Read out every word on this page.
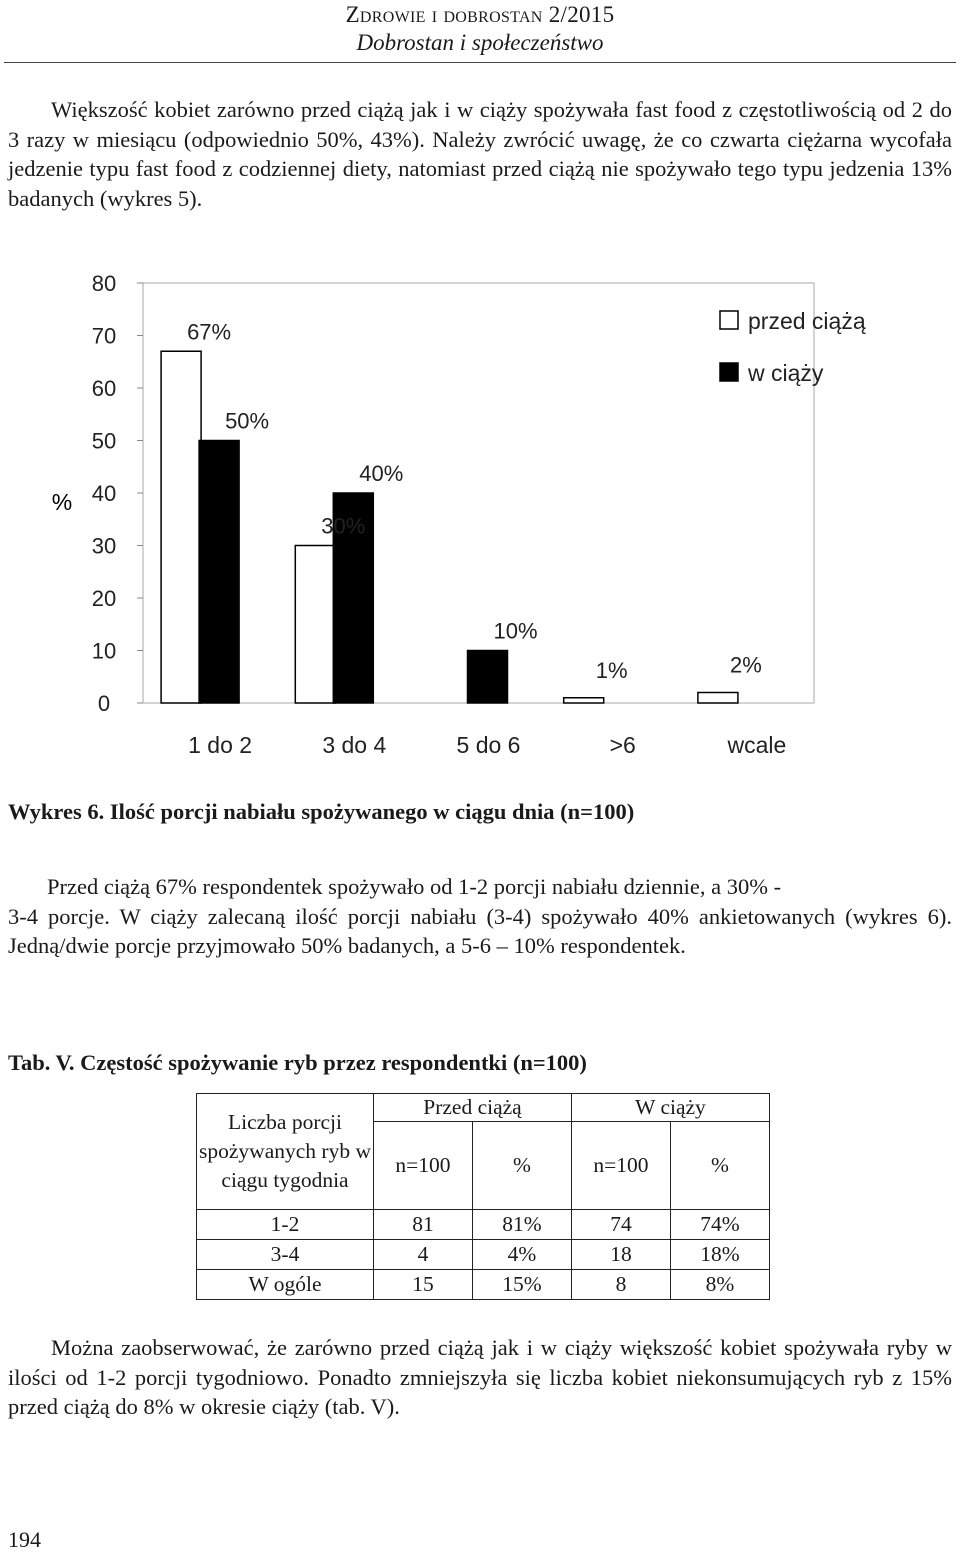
Zdrowie i dobrostan 2/2015
Dobrostan i społeczeństwo
Większość kobiet zarówno przed ciążą jak i w ciąży spożywała fast food z częstotliwością od 2 do 3 razy w miesiącu (odpowiednio 50%, 43%). Należy zwrócić uwagę, że co czwarta ciężarna wycofała jedzenie typu fast food z codziennej diety, natomiast przed ciążą nie spożywało tego typu jedzenia 13% badanych (wykres 5).
0
10
20
30
40
50
60
70
80
67%
50%
30%
40%
10%
1%	2%
1 do 2	3 do 4	5 do 6	>6	wcale
przed ciążą
w ciąży
%
Wykres 6. Ilość porcji nabiału spożywanego w ciągu dnia (n=100)
Przed ciążą 67% respondentek spożywało od 1-2 porcji nabiału dziennie, a 30% -
3-4 porcje. W ciąży zalecaną ilość porcji nabiału (3-4) spożywało 40% ankietowanych (wykres 6). Jedną/dwie porcje przyjmowało 50% badanych, a 5-6 – 10% respondentek.
Tab. V. Częstość spożywanie ryb przez respondentki (n=100)
Liczba porcji spożywanych ryb w ciągu tygodnia	Przed ciążą		W ciąży	
	n=100	%	n=100	%
1-2	81	81%	74	74%
3-4	4	4%	18	18%
W ogóle	15	15%	8	8%
Można zaobserwować, że zarówno przed ciążą jak i w ciąży większość kobiet spożywała ryby w ilości od 1-2 porcji tygodniowo. Ponadto zmniejszyła się liczba kobiet niekonsumujących ryb z 15% przed ciążą do 8% w okresie ciąży (tab. V).
194
